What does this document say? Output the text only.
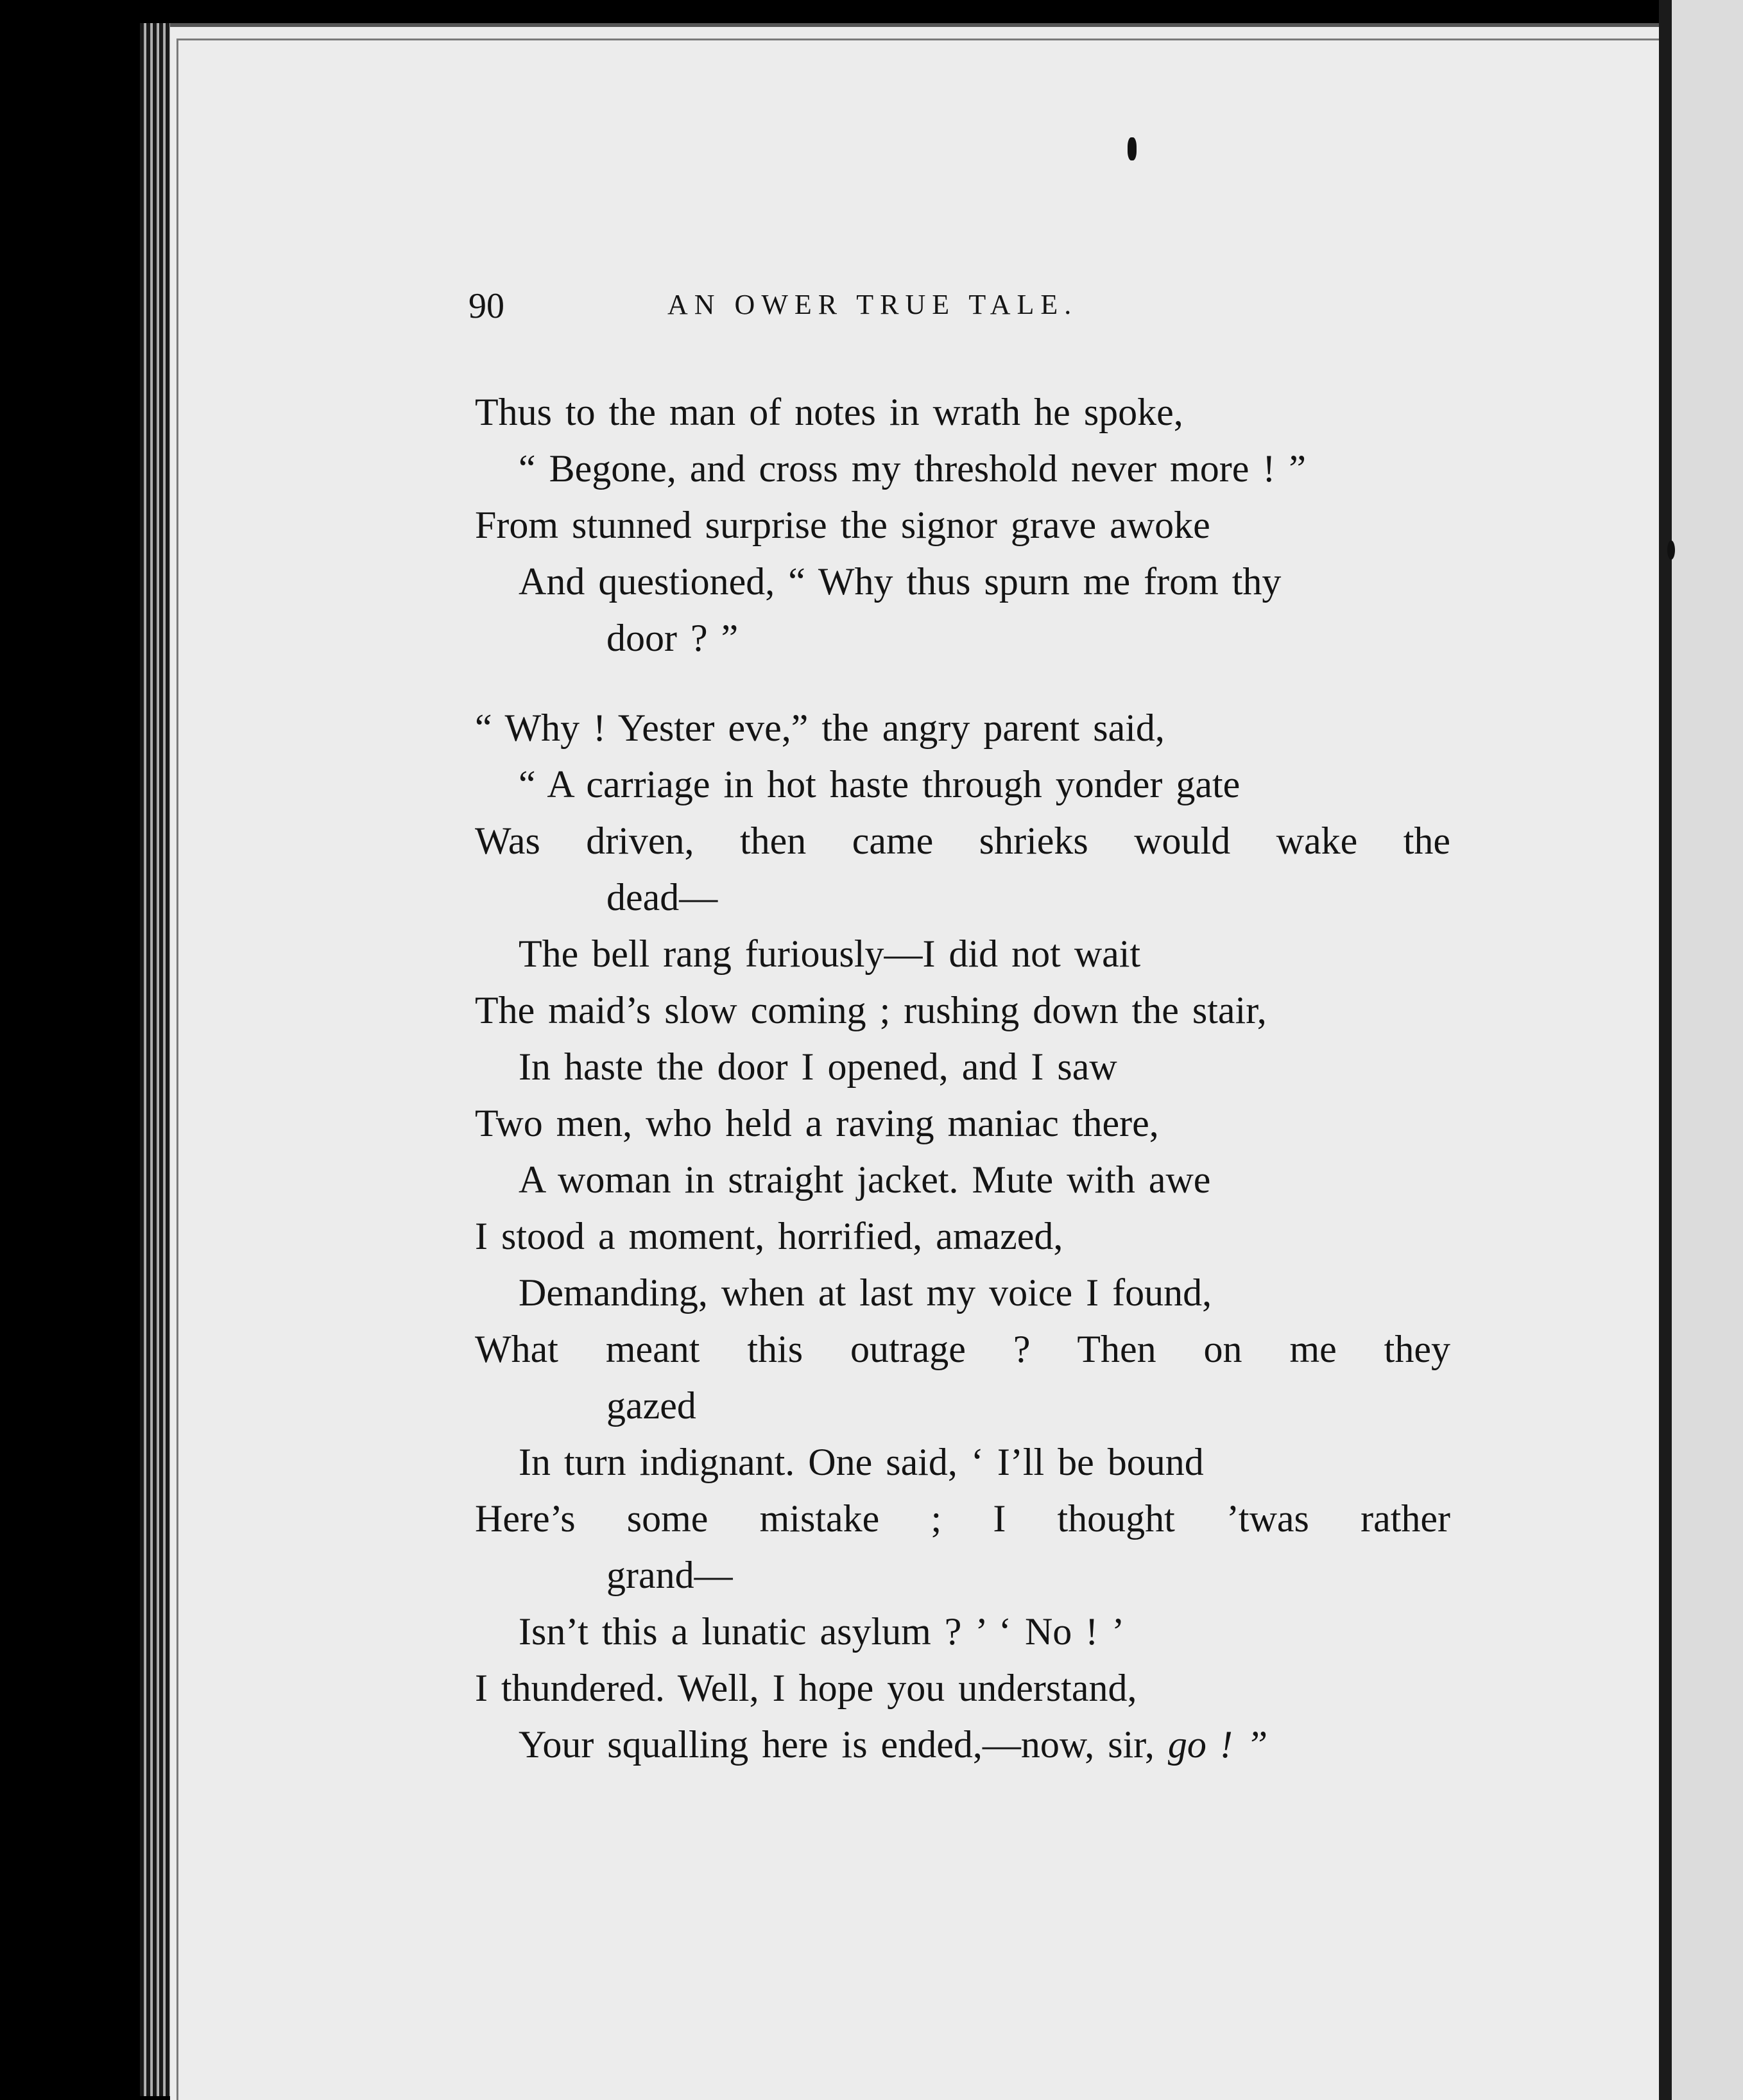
90	AN OWER TRUE TALE.
Thus to the man of notes in wrath he spoke,
“ Begone, and cross my threshold never more ! ”
From stunned surprise the signor grave awoke
And questioned, “ Why thus spurn me from thy
door ? ”
“ Why ! Yester eve,” the angry parent said,
“ A carriage in hot haste through yonder gate
Was driven, then came shrieks would wake the
dead—
The bell rang furiously—I did not wait
The maid’s slow coming ; rushing down the stair,
In haste the door I opened, and I saw
Two men, who held a raving maniac there,
A woman in straight jacket. Mute with awe
I stood a moment, horrified, amazed,
Demanding, when at last my voice I found,
What meant this outrage ? Then on me they
gazed
In turn indignant. One said, ‘ I’ll be bound
Here’s some mistake ; I thought ’twas rather
grand—
Isn’t this a lunatic asylum ? ’ ‘ No ! ’
I thundered. Well, I hope you understand,
Your squalling here is ended,—now, sir, go ! ”
